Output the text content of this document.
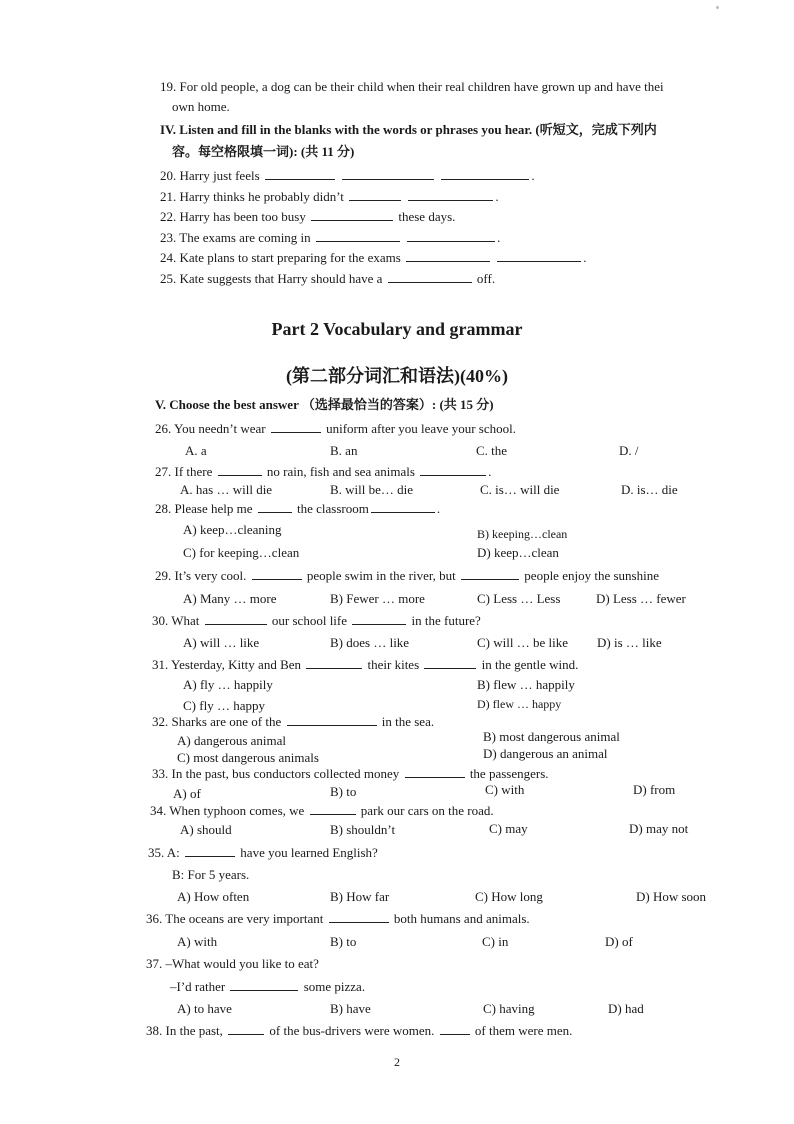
19. For old people, a dog can be their child when their real children have grown up and have thei
own home.
IV. Listen and fill in the blanks with the words or phrases you hear. (听短文，完成下列内
容。每空格限填一词): (共 11 分)
20. Harry just feels	.
21. Harry thinks he probably didn’t	.
22. Harry has been too busy	these days.
23. The exams are coming in	.
24. Kate plans to start preparing for the exams	.
25. Kate suggests that Harry should have a	off.
Part 2 Vocabulary and grammar
(第二部分词汇和语法)(40%)
V. Choose the best answer （选择最恰当的答案）: (共 15 分)
26. You needn’t wear	uniform after you leave your school.
A. a	B. an	C. the	D. /
27. If there	no rain, fish and sea animals	.
A. has … will die	B. will be… die	C. is… will die	D. is… die
28. Please help me	the classroom	.
A) keep…cleaning	B) keeping…clean
C) for keeping…clean	D) keep…clean
29. It’s very cool.	people swim in the river, but	people enjoy the sunshine
A) Many … more	B) Fewer … more	C) Less … Less	D) Less … fewer
30. What	our school life	in the future?
A) will … like	B) does … like	C) will … be like D) is … like
31. Yesterday, Kitty and Ben	their kites	in the gentle wind.
A) fly … happily	B) flew … happily
C) fly … happy	D) flew … happy
32. Sharks are one of the	in the sea.
A) dangerous animal	B) most dangerous animal
C) most dangerous animals	D) dangerous an animal
33. In the past, bus conductors collected money	the passengers.
A) of	B) to	C) with	D) from
34. When typhoon comes, we	park our cars on the road.
A) should	B) shouldn’t	C) may	D) may not
35. A:	have you learned English?
B: For 5 years.
A) How often	B) How far	C) How long	D) How soon
36. The oceans are very important	both humans and animals.
A) with	B) to	C) in	D) of
37. –What would you like to eat?
–I’d rather	some pizza.
A) to have	B) have	C) having	D) had
38. In the past,	of the bus-drivers were women.	of them were men.
2
